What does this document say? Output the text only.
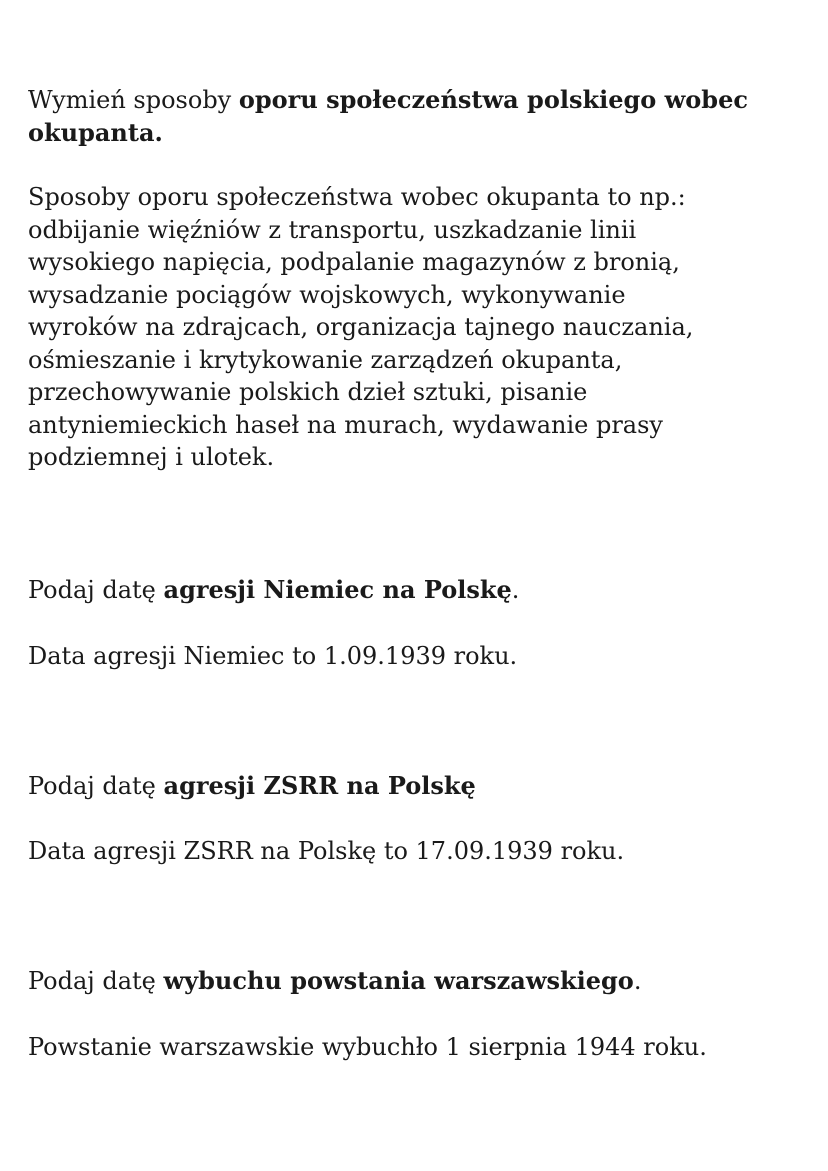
Wymień sposoby oporu społeczeństwa polskiego wobec okupanta.

Sposoby oporu społeczeństwa wobec okupanta to np.:
odbijanie więźniów z transportu, uszkadzanie linii
wysokiego napięcia, podpalanie magazynów z bronią,
wysadzanie pociągów wojskowych, wykonywanie
wyroków na zdrajcach, organizacja tajnego nauczania,
ośmieszanie i krytykowanie zarządzeń okupanta,
przechowywanie polskich dzieł sztuki, pisanie
antyniemieckich haseł na murach, wydawanie prasy
podziemnej i ulotek.

Podaj datę agresji Niemiec na Polskę.

Data agresji Niemiec to 1.09.1939 roku.

Podaj datę agresji ZSRR na Polskę

Data agresji ZSRR na Polskę to 17.09.1939 roku.

Podaj datę wybuchu powstania warszawskiego.

Powstanie warszawskie wybuchło 1 sierpnia 1944 roku.
